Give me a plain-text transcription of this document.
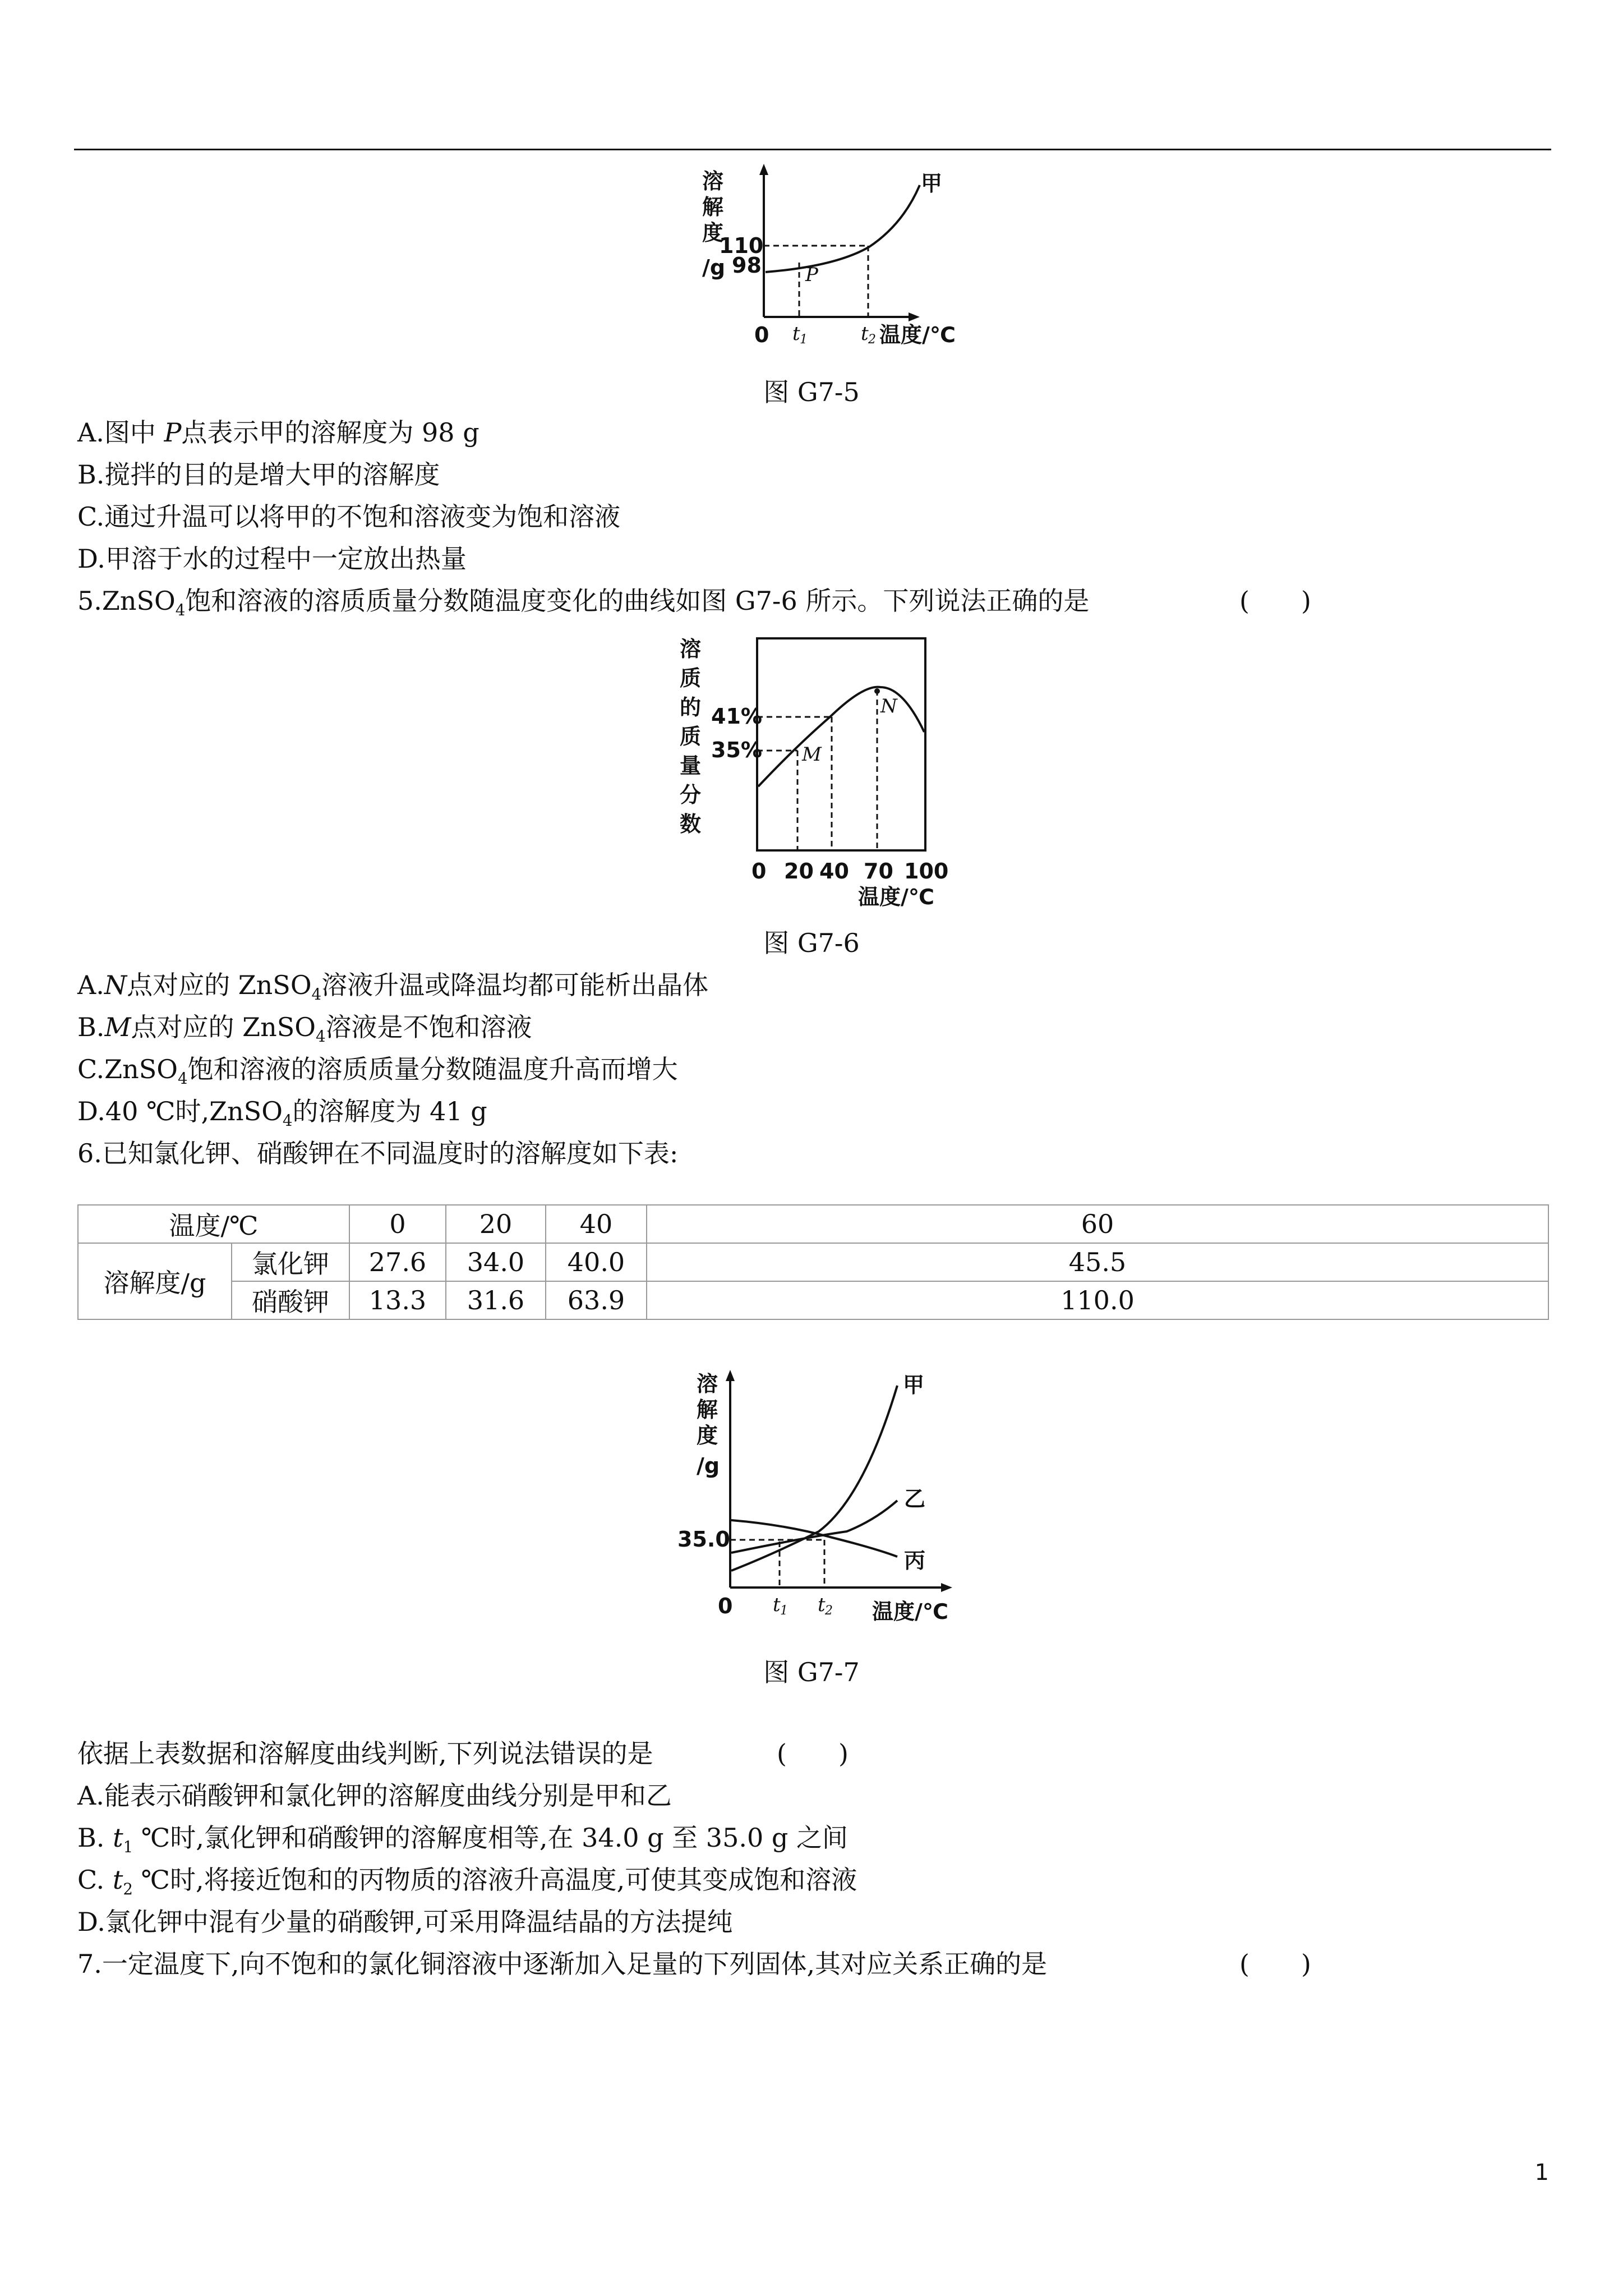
溶
解
度
/g
110
98 P
甲
0 t 1	t 2 温度/℃
图 G7-5
A.图中 P点表示甲的溶解度为 98 g
B.搅拌的目的是增大甲的溶解度
C.通过升温可以将甲的不饱和溶液变为饱和溶液
D.甲溶于水的过程中一定放出热量
5.ZnSO$_4$饱和溶液的溶质质量分数随温度变化的曲线如图 G7-6 所示。下列说法正确的是	(　　)
溶
质
的
质
量
分
数
41%
35% M
N
0 20 40 70 100
温度/℃
图 G7-6
A.N点对应的 ZnSO$_4$溶液升温或降温均都可能析出晶体
B.M点对应的 ZnSO$_4$溶液是不饱和溶液
C.ZnSO$_4$饱和溶液的溶质质量分数随温度升高而增大
D.40 ℃时,ZnSO$_4$的溶解度为 41 g
6.已知氯化钾、硝酸钾在不同温度时的溶解度如下表:
温度/℃		0	20	40	60
溶解度/g	氯化钾	27.6	34.0	40.0	45.5
	硝酸钾	13.3	31.6	63.9	110.0
溶
解
度
/g
35.0
甲
乙
丙
0 t 1 t 2 温度/℃
图 G7-7
依据上表数据和溶解度曲线判断,下列说法错误的是	(　　)
A.能表示硝酸钾和氯化钾的溶解度曲线分别是甲和乙
B. $t_1$ ℃时,氯化钾和硝酸钾的溶解度相等,在 34.0 g 至 35.0 g 之间
C. $t_2$ ℃时,将接近饱和的丙物质的溶液升高温度,可使其变成饱和溶液
D.氯化钾中混有少量的硝酸钾,可采用降温结晶的方法提纯
7.一定温度下,向不饱和的氯化铜溶液中逐渐加入足量的下列固体,其对应关系正确的是	(　　)
1
